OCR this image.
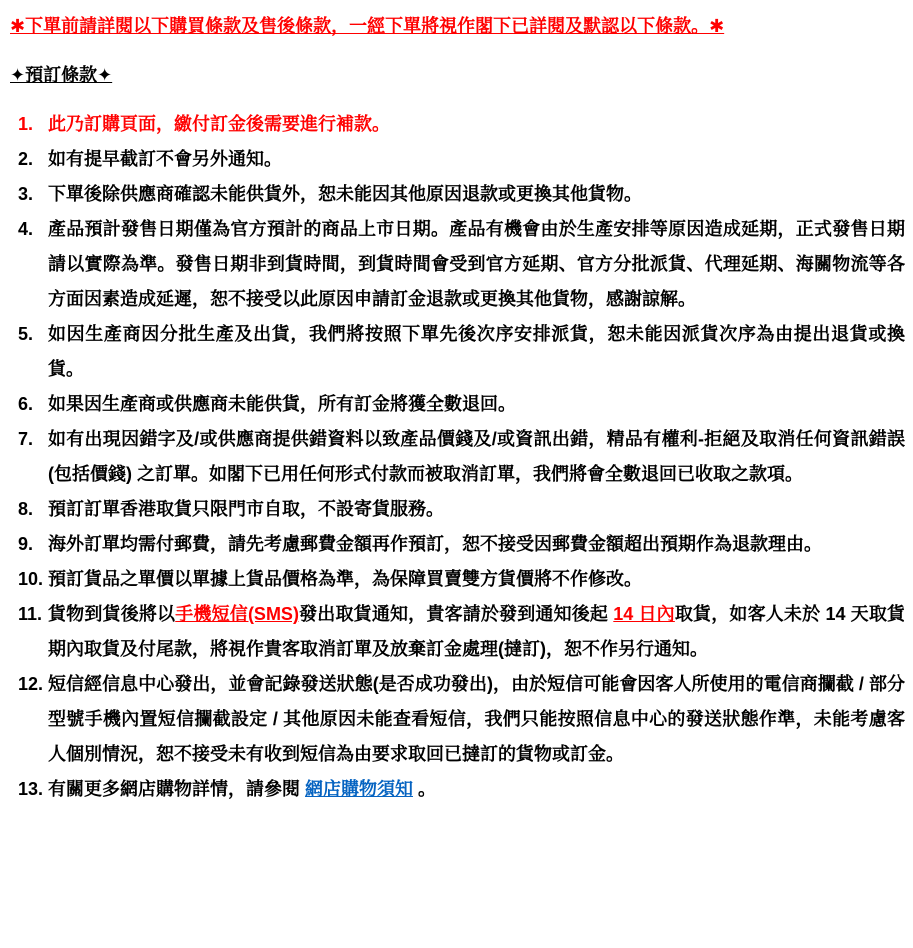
✱下單前請詳閱以下購買條款及售後條款，一經下單將視作閣下已詳閱及默認以下條款。✱
✦預訂條款✦
1. 此乃訂購頁面，繳付訂金後需要進行補款。
2. 如有提早截訂不會另外通知。
3. 下單後除供應商確認未能供貨外，恕未能因其他原因退款或更換其他貨物。
4. 產品預計發售日期僅為官方預計的商品上市日期。產品有機會由於生產安排等原因造成延期，正式發售日期請以實際為準。發售日期非到貨時間，到貨時間會受到官方延期、官方分批派貨、代理延期、海關物流等各方面因素造成延遲，恕不接受以此原因申請訂金退款或更換其他貨物，感謝諒解。
5. 如因生產商因分批生產及出貨，我們將按照下單先後次序安排派貨，恕未能因派貨次序為由提出退貨或換貨。
6. 如果因生產商或供應商未能供貨，所有訂金將獲全數退回。
7. 如有出現因錯字及/或供應商提供錯資料以致產品價錢及/或資訊出錯，精品有權利-拒絕及取消任何資訊錯誤(包括價錢) 之訂單。如閣下已用任何形式付款而被取消訂單，我們將會全數退回已收取之款項。
8. 預訂訂單香港取貨只限門市自取，不設寄貨服務。
9. 海外訂單均需付郵費，請先考慮郵費金額再作預訂，恕不接受因郵費金額超出預期作為退款理由。
10. 預訂貨品之單價以單據上貨品價格為準，為保障買賣雙方貨價將不作修改。
11. 貨物到貨後將以手機短信(SMS)發出取貨通知，貴客請於發到通知後起 14 日內取貨，如客人未於 14 天取貨期內取貨及付尾款，將視作貴客取消訂單及放棄訂金處理(撻訂)，恕不作另行通知。
12. 短信經信息中心發出，並會記錄發送狀態(是否成功發出)，由於短信可能會因客人所使用的電信商攔截 / 部分型號手機內置短信攔截設定 / 其他原因未能查看短信，我們只能按照信息中心的發送狀態作準，未能考慮客人個別情況，恕不接受未有收到短信為由要求取回已撻訂的貨物或訂金。
13. 有關更多網店購物詳情，請參閱 網店購物須知 。
